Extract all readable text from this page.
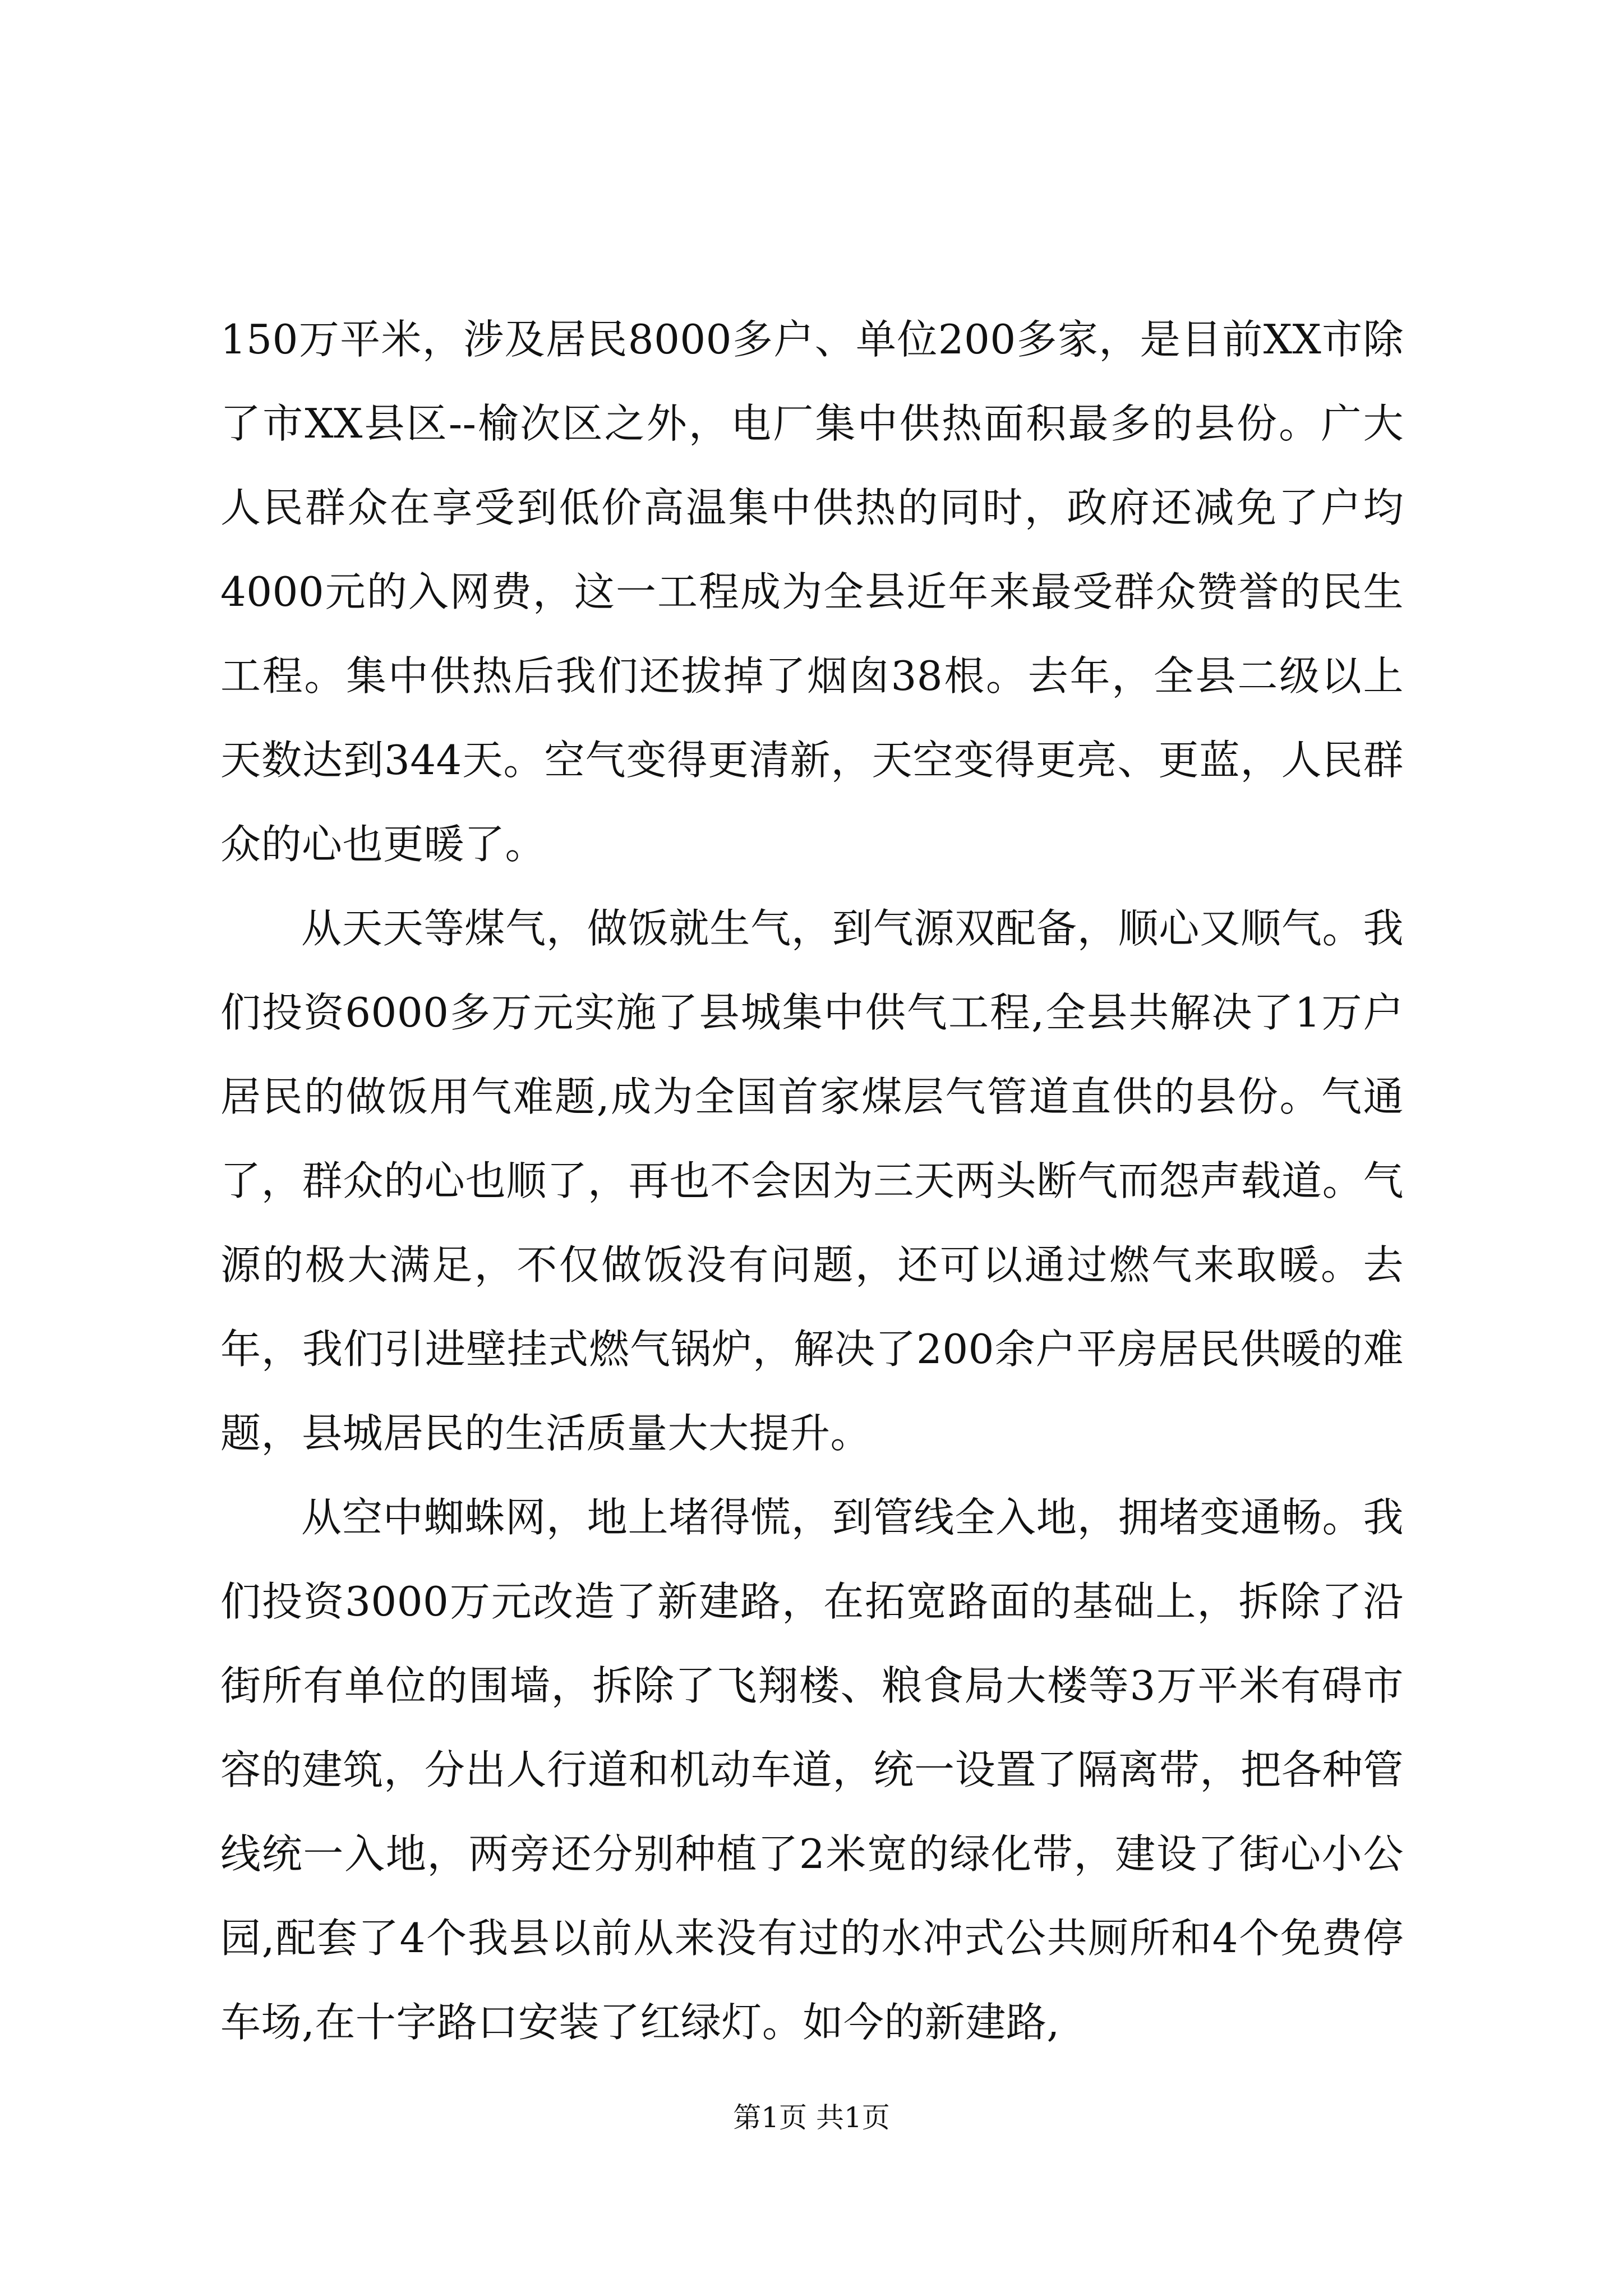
150万平米，涉及居民8000多户、单位200多家，是目前XX市除了市XX县区--榆次区之外，电厂集中供热面积最多的县份。广大人民群众在享受到低价高温集中供热的同时，政府还减免了户均4000元的入网费，这一工程成为全县近年来最受群众赞誉的民生工程。集中供热后我们还拔掉了烟囱38根。去年，全县二级以上天数达到344天。空气变得更清新，天空变得更亮、更蓝，人民群众的心也更暖了。

从天天等煤气，做饭就生气，到气源双配备，顺心又顺气。我们投资6000多万元实施了县城集中供气工程,全县共解决了1万户居民的做饭用气难题,成为全国首家煤层气管道直供的县份。气通了，群众的心也顺了，再也不会因为三天两头断气而怨声载道。气源的极大满足，不仅做饭没有问题，还可以通过燃气来取暖。去年，我们引进壁挂式燃气锅炉，解决了200余户平房居民供暖的难题，县城居民的生活质量大大提升。

从空中蜘蛛网，地上堵得慌，到管线全入地，拥堵变通畅。我们投资3000万元改造了新建路，在拓宽路面的基础上，拆除了沿街所有单位的围墙，拆除了飞翔楼、粮食局大楼等3万平米有碍市容的建筑，分出人行道和机动车道，统一设置了隔离带，把各种管线统一入地，两旁还分别种植了2米宽的绿化带，建设了街心小公园,配套了4个我县以前从来没有过的水冲式公共厕所和4个免费停车场,在十字路口安装了红绿灯。如今的新建路,

第1页 共1页
